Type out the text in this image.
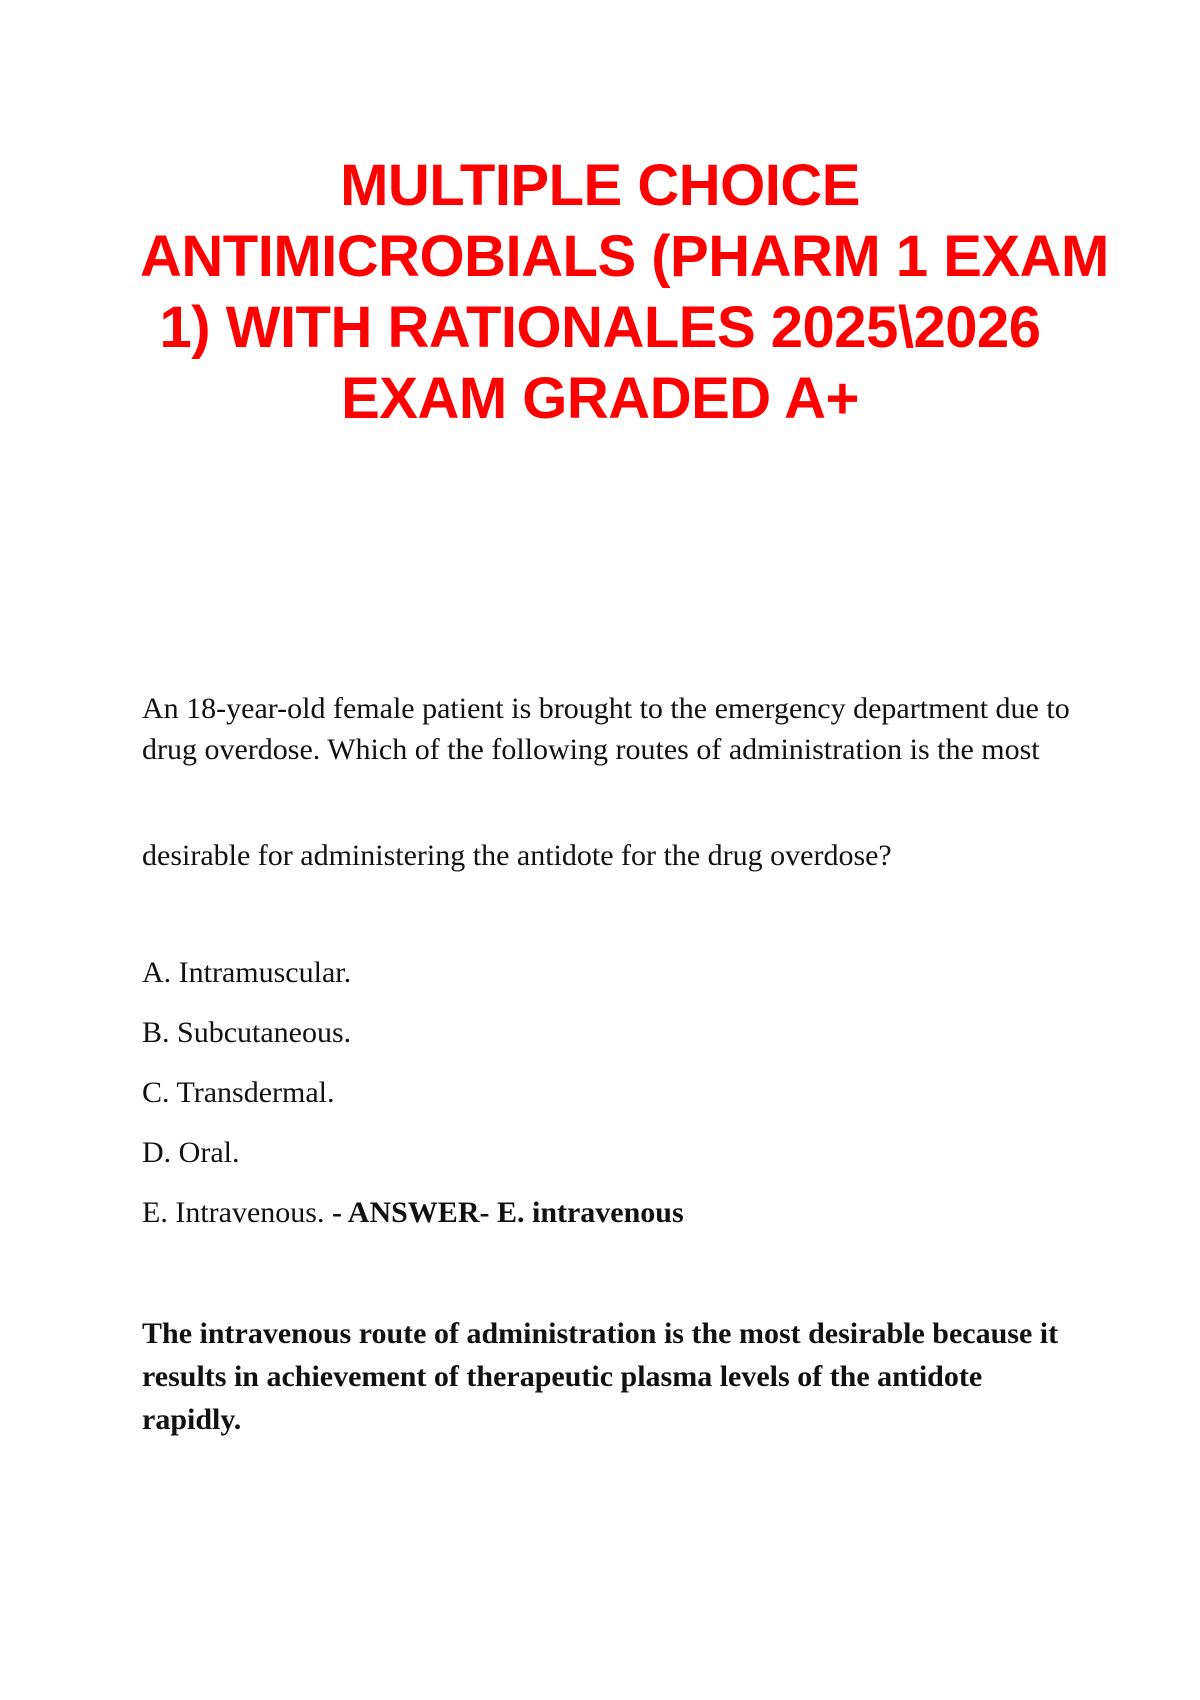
MULTIPLE CHOICE
ANTIMICROBIALS (PHARM 1 EXAM
1) WITH RATIONALES 2025\2026
EXAM GRADED A+

An 18-year-old female patient is brought to the emergency department due to drug overdose. Which of the following routes of administration is the most

desirable for administering the antidote for the drug overdose?

A. Intramuscular.
B. Subcutaneous.
C. Transdermal.
D. Oral.
E. Intravenous. - ANSWER- E. intravenous

The intravenous route of administration is the most desirable because it results in achievement of therapeutic plasma levels of the antidote rapidly.
